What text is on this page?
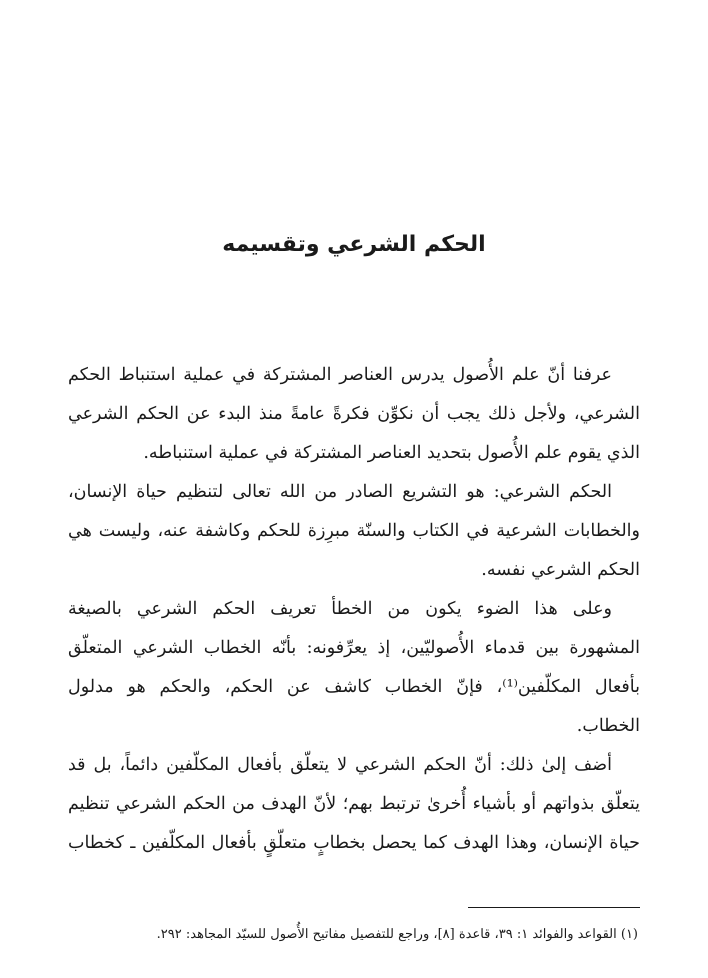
الحكم الشرعي وتقسيمه
عرفنا أنّ علم الأُصول يدرس العناصر المشتركة في عملية استنباط الحكم
الشرعي، ولأجل ذلك يجب أن نكوِّن فكرةً عامةً منذ البدء عن الحكم الشرعي
الذي يقوم علم الأُصول بتحديد العناصر المشتركة في عملية استنباطه.
الحكم الشرعي: هو التشريع الصادر من الله تعالى لتنظيم حياة الإنسان،
والخطابات الشرعية في الكتاب والسنّة مبرِزة للحكم وكاشفة عنه، وليست هي
الحكم الشرعي نفسه.
وعلى هذا الضوء يكون من الخطأ تعريف الحكم الشرعي بالصيغة
المشهورة بين قدماء الأُصوليّين، إذ يعرِّفونه: بأنّه الخطاب الشرعي المتعلّق
بأفعال المكلّفين⁽¹⁾، فإنّ الخطاب كاشف عن الحكم، والحكم هو مدلول
الخطاب.
أضف إلىٰ ذلك: أنّ الحكم الشرعي لا يتعلّق بأفعال المكلّفين دائماً، بل قد
يتعلّق بذواتهم أو بأشياء أُخرىٰ ترتبط بهم؛ لأنّ الهدف من الحكم الشرعي تنظيم
حياة الإنسان، وهذا الهدف كما يحصل بخطابٍ متعلّقٍ بأفعال المكلّفين ـ كخطاب
(١) القواعد والفوائد ١: ٣٩، قاعدة [٨]، وراجع للتفصيل مفاتيح الأُصول للسيّد المجاهد: ٢٩٢.
